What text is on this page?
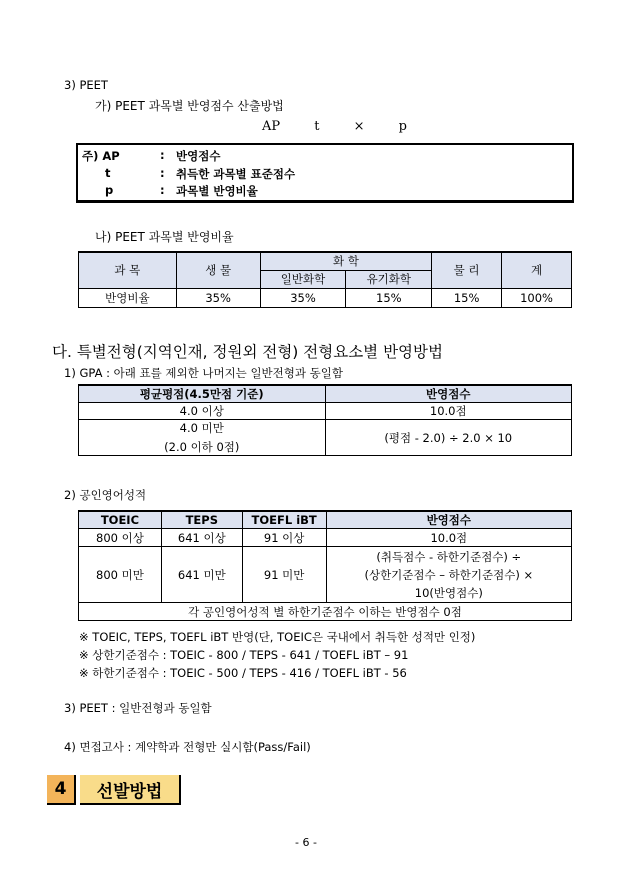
3) PEET
가) PEET 과목별 반영점수 산출방법
AP t × p
주) AP	: 반영점수
t	: 취득한 과목별 표준점수
p	: 과목별 반영비율
나) PEET 과목별 반영비율
과 목	생 물	화 학		물 리	계
		일반화학	유기화학		
반영비율	35%	35%	15%	15%	100%
다. 특별전형(지역인재, 정원외 전형) 전형요소별 반영방법
1) GPA : 아래 표를 제외한 나머지는 일반전형과 동일함
평균평점(4.5만점 기준)	반영점수
4.0 이상	10.0점

4.0 미만
(2.0 이하 0점)	(평점 - 2.0) ÷ 2.0 × 10
2) 공인영어성적
TOEIC	TEPS	TOEFL iBT	반영점수
800 이상	641 이상	91 이상	10.0점
800 미만	641 미만	91 미만	(취득점수 - 하한기준점수) ÷
(상한기준점수 – 하한기준점수) ×
10(반영점수)

각 공인영어성적 별 하한기준점수 이하는 반영점수 0점			
※ TOEIC, TEPS, TOEFL iBT 반영(단, TOEIC은 국내에서 취득한 성적만 인정)
※ 상한기준점수 : TOEIC - 800 / TEPS - 641 / TOEFL iBT – 91
※ 하한기준점수 : TOEIC - 500 / TEPS - 416 / TOEFL iBT - 56
3) PEET : 일반전형과 동일함
4) 면접고사 : 계약학과 전형만 실시함(Pass/Fail)
4	선발방법
- 6 -
